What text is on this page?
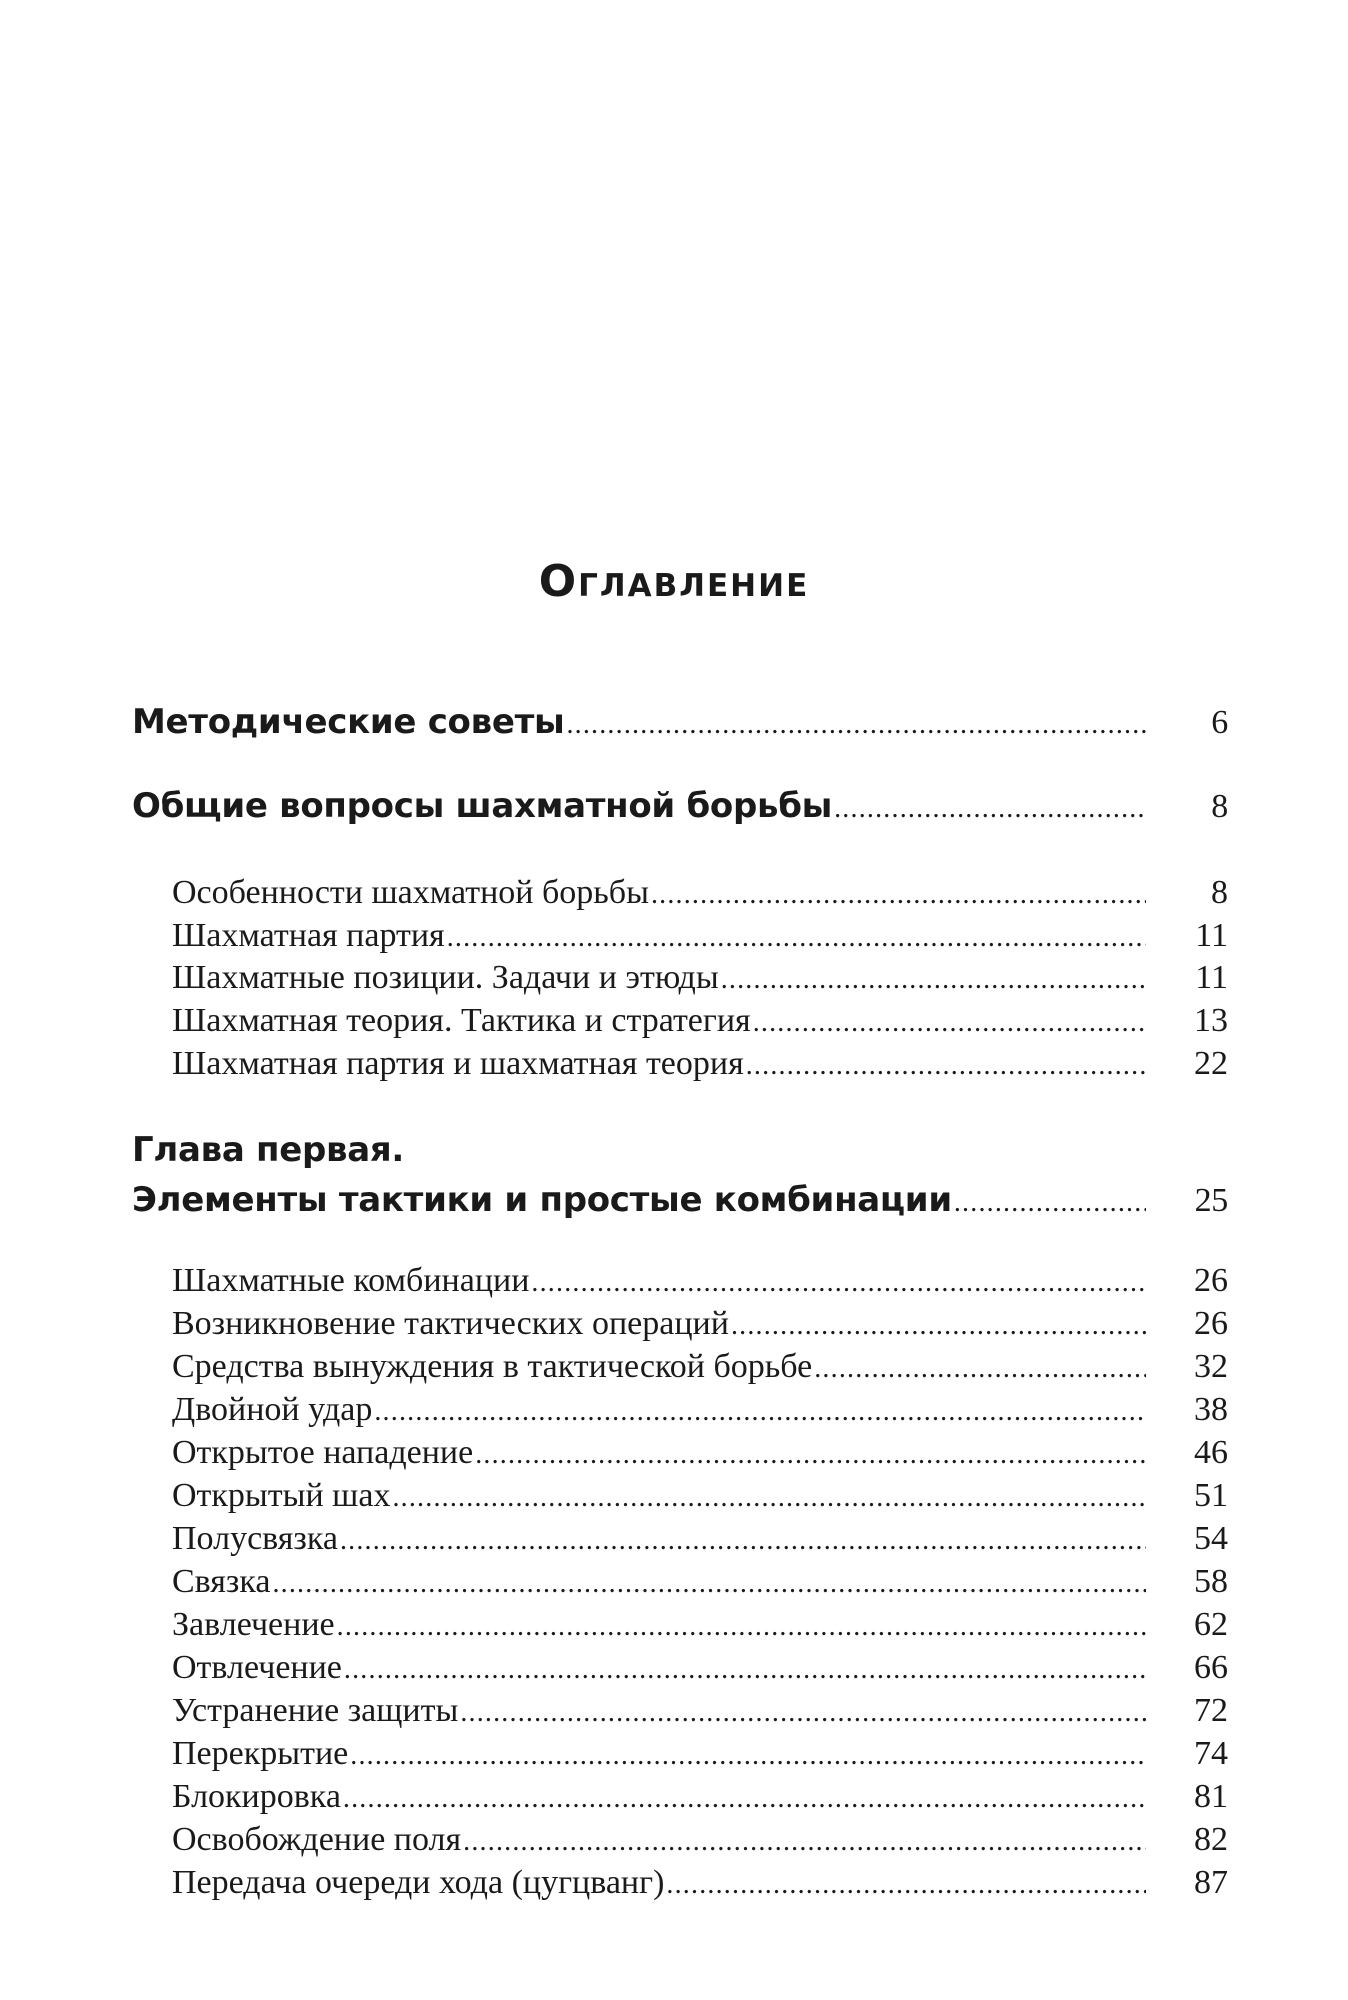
Оглавление
Методические советы .....	6
Общие вопросы шахматной борьбы .....	8
Особенности шахматной борьбы .....	8
Шахматная партия .....	11
Шахматные позиции. Задачи и этюды .....	11
Шахматная теория. Тактика и стратегия .....	13
Шахматная партия и шахматная теория .....	22
Глава первая.
Элементы тактики и простые комбинации .....	25
Шахматные комбинации .....	26
Возникновение тактических операций .....	26
Средства вынуждения в тактической борьбе .....	32
Двойной удар .....	38
Открытое нападение .....	46
Открытый шах .....	51
Полусвязка .....	54
Связка .....	58
Завлечение .....	62
Отвлечение .....	66
Устранение защиты .....	72
Перекрытие .....	74
Блокировка .....	81
Освобождение поля .....	82
Передача очереди хода (цугцванг) .....	87
